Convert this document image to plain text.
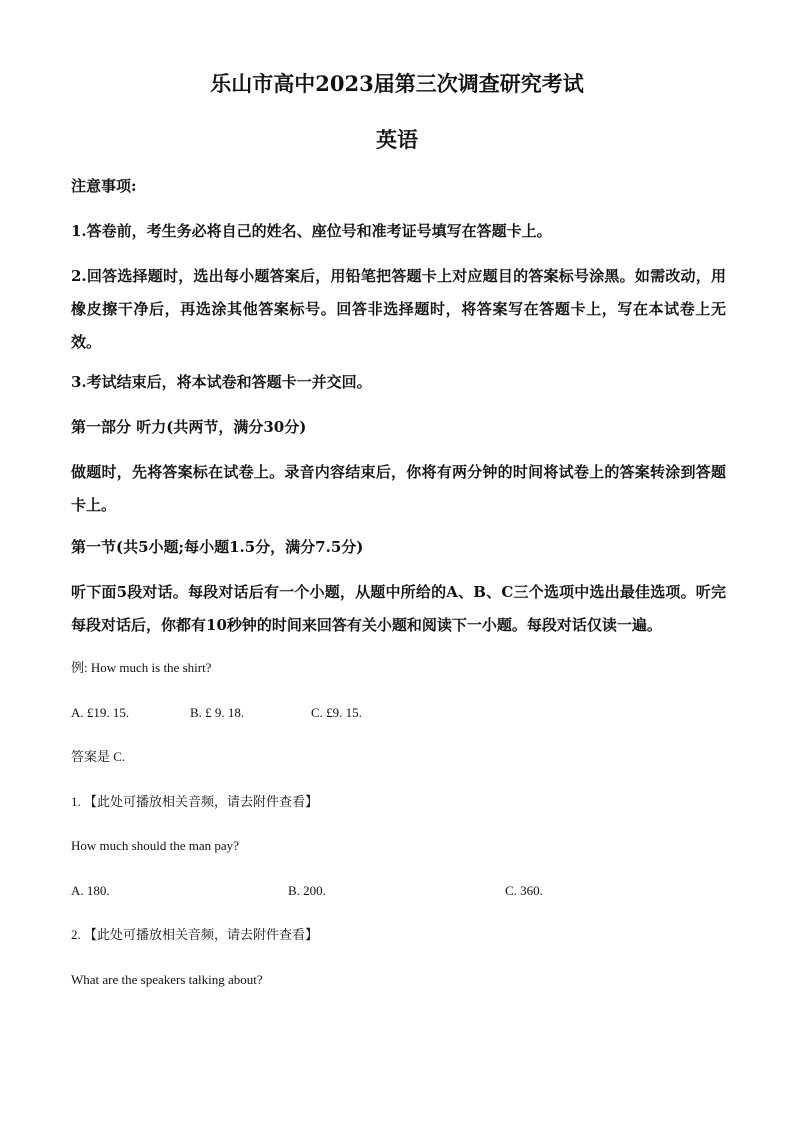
乐山市高中2023届第三次调查研究考试
英语
注意事项:
1.答卷前，考生务必将自己的姓名、座位号和准考证号填写在答题卡上。
2.回答选择题时，选出每小题答案后，用铅笔把答题卡上对应题目的答案标号涂黑。如需改动，用橡皮擦干净后，再选涂其他答案标号。回答非选择题时，将答案写在答题卡上，写在本试卷上无效。
3.考试结束后，将本试卷和答题卡一并交回。
第一部分 听力(共两节，满分30分)
做题时，先将答案标在试卷上。录音内容结束后，你将有两分钟的时间将试卷上的答案转涂到答题卡上。
第一节(共5小题;每小题1.5分，满分7.5分)
听下面5段对话。每段对话后有一个小题，从题中所给的A、B、C三个选项中选出最佳选项。听完每段对话后，你都有10秒钟的时间来回答有关小题和阅读下一小题。每段对话仅读一遍。
例: How much is the shirt?
A. £19. 15.	B. £ 9. 18.	C. £9. 15.
答案是 C.
1. 【此处可播放相关音频，请去附件查看】
How much should the man pay?
A. 180.	B. 200.	C. 360.
2. 【此处可播放相关音频，请去附件查看】
What are the speakers talking about?
